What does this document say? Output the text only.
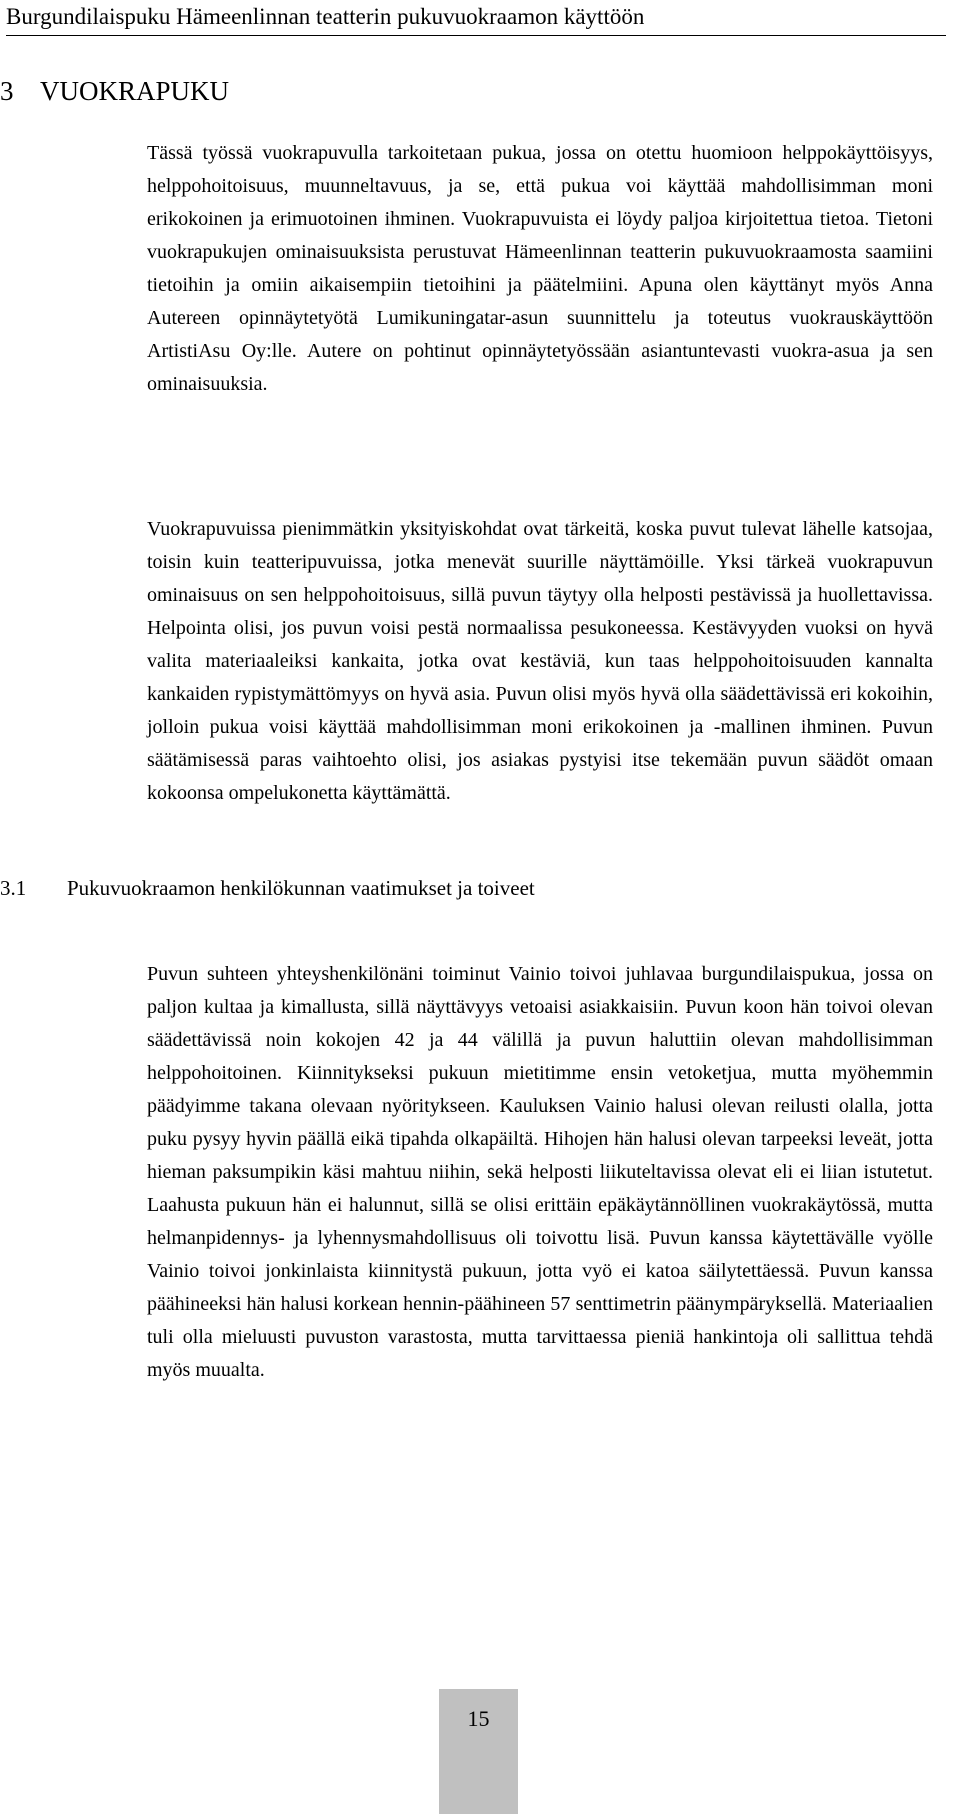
Burgundilaispuku Hämeenlinnan teatterin pukuvuokraamon käyttöön
3 VUOKRAPUKU

Tässä työssä vuokrapuvulla tarkoitetaan pukua, jossa on otettu huomioon helppokäyttöisyys, helppohoitoisuus, muunneltavuus, ja se, että pukua voi käyttää mahdollisimman moni erikokoinen ja erimuotoinen ihminen. Vuokrapuvuista ei löydy paljoa kirjoitettua tietoa. Tietoni vuokrapukujen ominaisuuksista perustuvat Hämeenlinnan teatterin pukuvuokraamosta saamiini tietoihin ja omiin aikaisempiin tietoihini ja päätelmiini. Apuna olen käyttänyt myös Anna Autereen opinnäytetyötä Lumikuningatar-asun suunnittelu ja toteutus vuokrauskäyttöön ArtistiAsu Oy:lle. Autere on pohtinut opinnäytetyössään asiantuntevasti vuokra-asua ja sen ominaisuuksia.

Vuokrapuvuissa pienimmätkin yksityiskohdat ovat tärkeitä, koska puvut tulevat lähelle katsojaa, toisin kuin teatteripuvuissa, jotka menevät suurille näyttämöille. Yksi tärkeä vuokrapuvun ominaisuus on sen helppohoitoisuus, sillä puvun täytyy olla helposti pestävissä ja huollettavissa. Helpointa olisi, jos puvun voisi pestä normaalissa pesukoneessa. Kestävyyden vuoksi on hyvä valita materiaaleiksi kankaita, jotka ovat kestäviä, kun taas helppohoitoisuuden kannalta kankaiden rypistymättömyys on hyvä asia. Puvun olisi myös hyvä olla säädettävissä eri kokoihin, jolloin pukua voisi käyttää mahdollisimman moni erikokoinen ja -mallinen ihminen. Puvun säätämisessä paras vaihtoehto olisi, jos asiakas pystyisi itse tekemään puvun säädöt omaan kokoonsa ompelukonetta käyttämättä.

3.1	Pukuvuokraamon henkilökunnan vaatimukset ja toiveet

Puvun suhteen yhteyshenkilönäni toiminut Vainio toivoi juhlavaa burgundilaispukua, jossa on paljon kultaa ja kimallusta, sillä näyttävyys vetoaisi asiakkaisiin. Puvun koon hän toivoi olevan säädettävissä noin kokojen 42 ja 44 välillä ja puvun haluttiin olevan mahdollisimman helppohoitoinen. Kiinnitykseksi pukuun mietitimme ensin vetoketjua, mutta myöhemmin päädyimme takana olevaan nyöritykseen. Kauluksen Vainio halusi olevan reilusti olalla, jotta puku pysyy hyvin päällä eikä tipahda olkapäiltä. Hihojen hän halusi olevan tarpeeksi leveät, jotta hieman paksumpikin käsi mahtuu niihin, sekä helposti liikuteltavissa olevat eli ei liian istutetut. Laahusta pukuun hän ei halunnut, sillä se olisi erittäin epäkäytännöllinen vuokrakäytössä, mutta helmanpidennys- ja lyhennysmahdollisuus oli toivottu lisä. Puvun kanssa käytettävälle vyölle Vainio toivoi jonkinlaista kiinnitystä pukuun, jotta vyö ei katoa säilytettäessä. Puvun kanssa päähineeksi hän halusi korkean hennin-päähineen 57 senttimetrin päänympäryksellä. Materiaalien tuli olla mieluusti puvuston varastosta, mutta tarvittaessa pieniä hankintoja oli sallittua tehdä myös muualta.

15
